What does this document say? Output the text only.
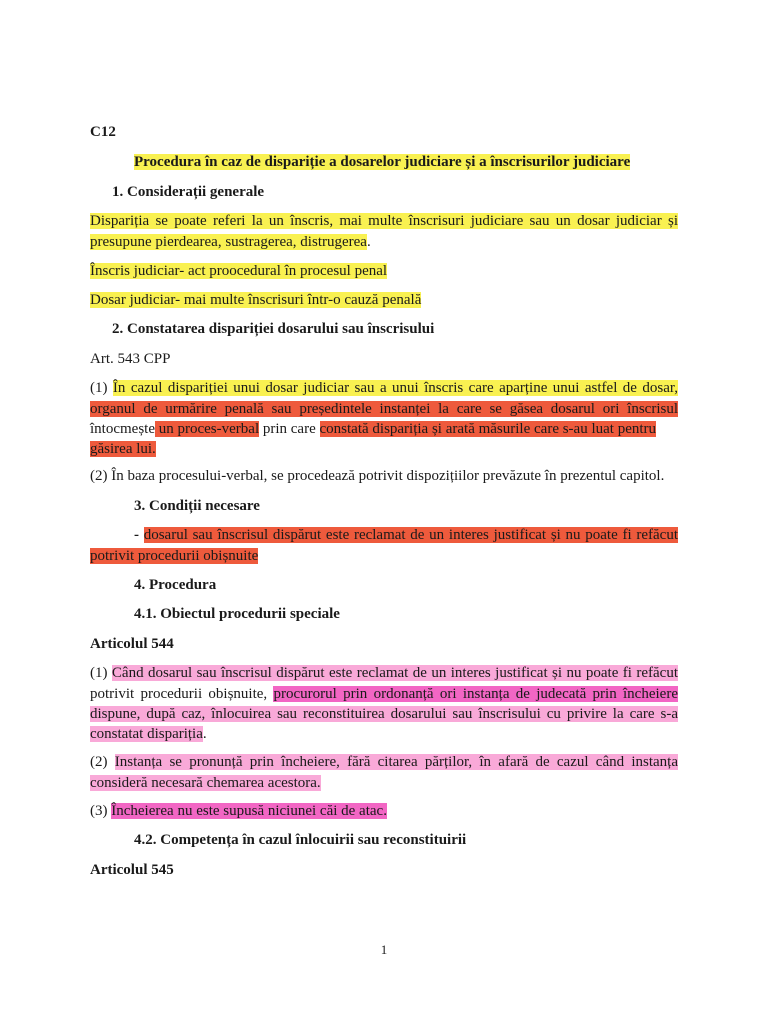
C12
Procedura în caz de dispariție a dosarelor judiciare și a înscrisurilor judiciare
1. Considerații generale
Dispariția se poate referi la un înscris, mai multe înscrisuri judiciare sau un dosar judiciar și
presupune pierdearea, sustragerea, distrugerea.
Înscris judiciar- act proocedural în procesul penal
Dosar judiciar- mai multe înscrisuri într-o cauză penală
2. Constatarea dispariției dosarului sau înscrisului
Art. 543 CPP
(1) În cazul dispariției unui dosar judiciar sau a unui înscris care aparține unui astfel de dosar,
organul de urmărire penală sau președintele instanței la care se găsea dosarul ori înscrisul
întocmește un proces-verbal prin care constată dispariția și arată măsurile care s-au luat pentru
găsirea lui.
(2) În baza procesului-verbal, se procedează potrivit dispozițiilor prevăzute în prezentul capitol.
3. Condiții necesare
- dosarul sau înscrisul dispărut este reclamat de un interes justificat și nu poate fi refăcut
potrivit procedurii obișnuite
4. Procedura
4.1. Obiectul procedurii speciale
Articolul 544
(1) Când dosarul sau înscrisul dispărut este reclamat de un interes justificat și nu poate fi refăcut
potrivit procedurii obișnuite, procurorul prin ordonanță ori instanța de judecată prin încheiere
dispune, după caz, înlocuirea sau reconstituirea dosarului sau înscrisului cu privire la care s-a
constatat dispariția.
(2) Instanța se pronunță prin încheiere, fără citarea părților, în afară de cazul când instanța
consideră necesară chemarea acestora.
(3) Încheierea nu este supusă niciunei căi de atac.
4.2. Competența în cazul înlocuirii sau reconstituirii
Articolul 545
1
